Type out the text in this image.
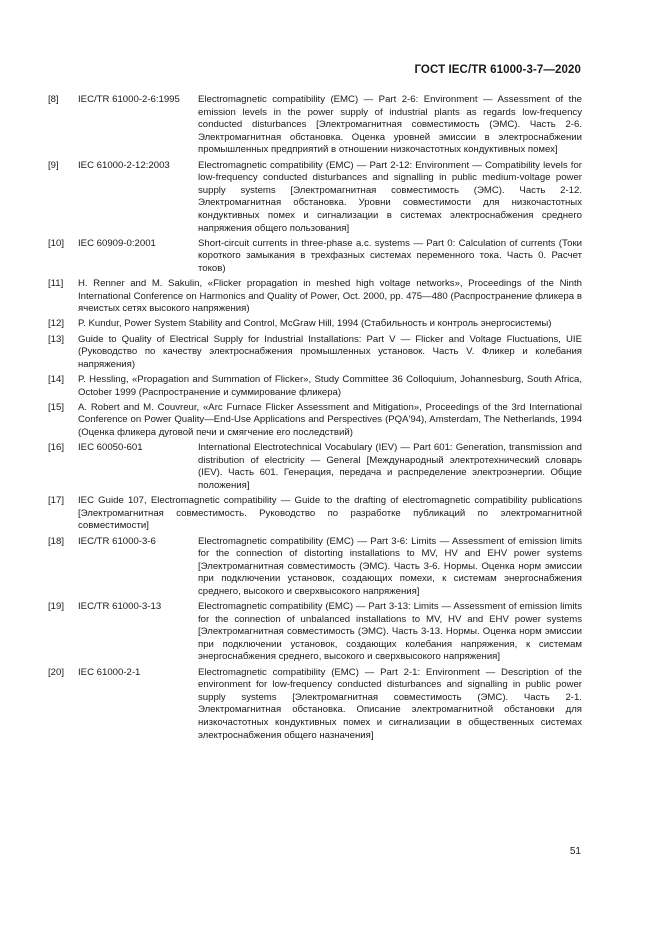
ГОСТ IEC/TR 61000-3-7—2020
[8] IEC/TR 61000-2-6:1995 Electromagnetic compatibility (EMC) — Part 2-6: Environment — Assessment of the emission levels in the power supply of industrial plants as regards low-frequency conducted disturbances [Электромагнитная совместимость (ЭМС). Часть 2-6. Электромагнитная обстановка. Оценка уровней эмиссии в электроснабжении промышленных предприятий в отношении низкочастотных кондуктивных помех]
[9] IEC 61000-2-12:2003	Electromagnetic compatibility (EMC) — Part 2-12: Environment — Compatibility levels for low-frequency conducted disturbances and signalling in public medium-voltage power supply systems [Электромагнитная совместимость (ЭМС). Часть 2-12. Электромагнитная обстановка. Уровни совместимости для низкочастотных кондуктивных помех и сигнализации в системах электроснабжения среднего напряжения общего пользования]
[10] IEC 60909-0:2001	Short-circuit currents in three-phase a.c. systems — Part 0: Calculation of currents (Токи короткого замыкания в трехфазных системах переменного тока. Часть 0. Расчет токов)
[11] H. Renner and M. Sakulin, «Flicker propagation in meshed high voltage networks», Proceedings of the Ninth International Conference on Harmonics and Quality of Power, Oct. 2000, pp. 475—480 (Распространение фликера в ячеистых сетях высокого напряжения)
[12] P. Kundur, Power System Stability and Control, McGraw Hill, 1994 (Стабильность и контроль энергосистемы)
[13] Guide to Quality of Electrical Supply for Industrial Installations: Part V — Flicker and Voltage Fluctuations, UIE (Руководство по качеству электроснабжения промышленных установок. Часть V. Фликер и колебания напряжения)
[14] P. Hessling, «Propagation and Summation of Flicker», Study Committee 36 Colloquium, Johannesburg, South Africa, October 1999 (Распространение и суммирование фликера)
[15] A. Robert and M. Couvreur, «Arc Furnace Flicker Assessment and Mitigation», Proceedings of the 3rd International Conference on Power Quality—End-Use Applications and Perspectives (PQA'94), Amsterdam, The Netherlands, 1994 (Оценка фликера дуговой печи и смягчение его последствий)
[16] IEC 60050-601	International Electrotechnical Vocabulary (IEV) — Part 601: Generation, transmission and distribution of electricity — General [Международный электротехнический словарь (IEV). Часть 601. Генерация, передача и распределение электроэнергии. Общие положения]
[17] IEC Guide 107, Electromagnetic compatibility — Guide to the drafting of electromagnetic compatibility publications [Электромагнитная совместимость. Руководство по разработке публикаций по электромагнитной совместимости]
[18] IEC/TR 61000-3-6	Electromagnetic compatibility (EMC) — Part 3-6: Limits — Assessment of emission limits for the connection of distorting installations to MV, HV and EHV power systems [Электромагнитная совместимость (ЭМС). Часть 3-6. Нормы. Оценка норм эмиссии при подключении установок, создающих помехи, к системам энергоснабжения среднего, высокого и сверхвысокого напряжения]
[19] IEC/TR 61000-3-13	Electromagnetic compatibility (EMC) — Part 3-13: Limits — Assessment of emission limits for the connection of unbalanced installations to MV, HV and EHV power systems [Электромагнитная совместимость (ЭМС). Часть 3-13. Нормы. Оценка норм эмиссии при подключении установок, создающих колебания напряжения, к системам энергоснабжения среднего, высокого и сверхвысокого напряжения]
[20] IEC 61000-2-1	Electromagnetic compatibility (EMC) — Part 2-1: Environment — Description of the environment for low-frequency conducted disturbances and signalling in public power supply systems [Электромагнитная совместимость (ЭМС). Часть 2-1. Электромагнитная обстановка. Описание электромагнитной обстановки для низкочастотных кондуктивных помех и сигнализации в общественных системах электроснабжения общего назначения]
51
